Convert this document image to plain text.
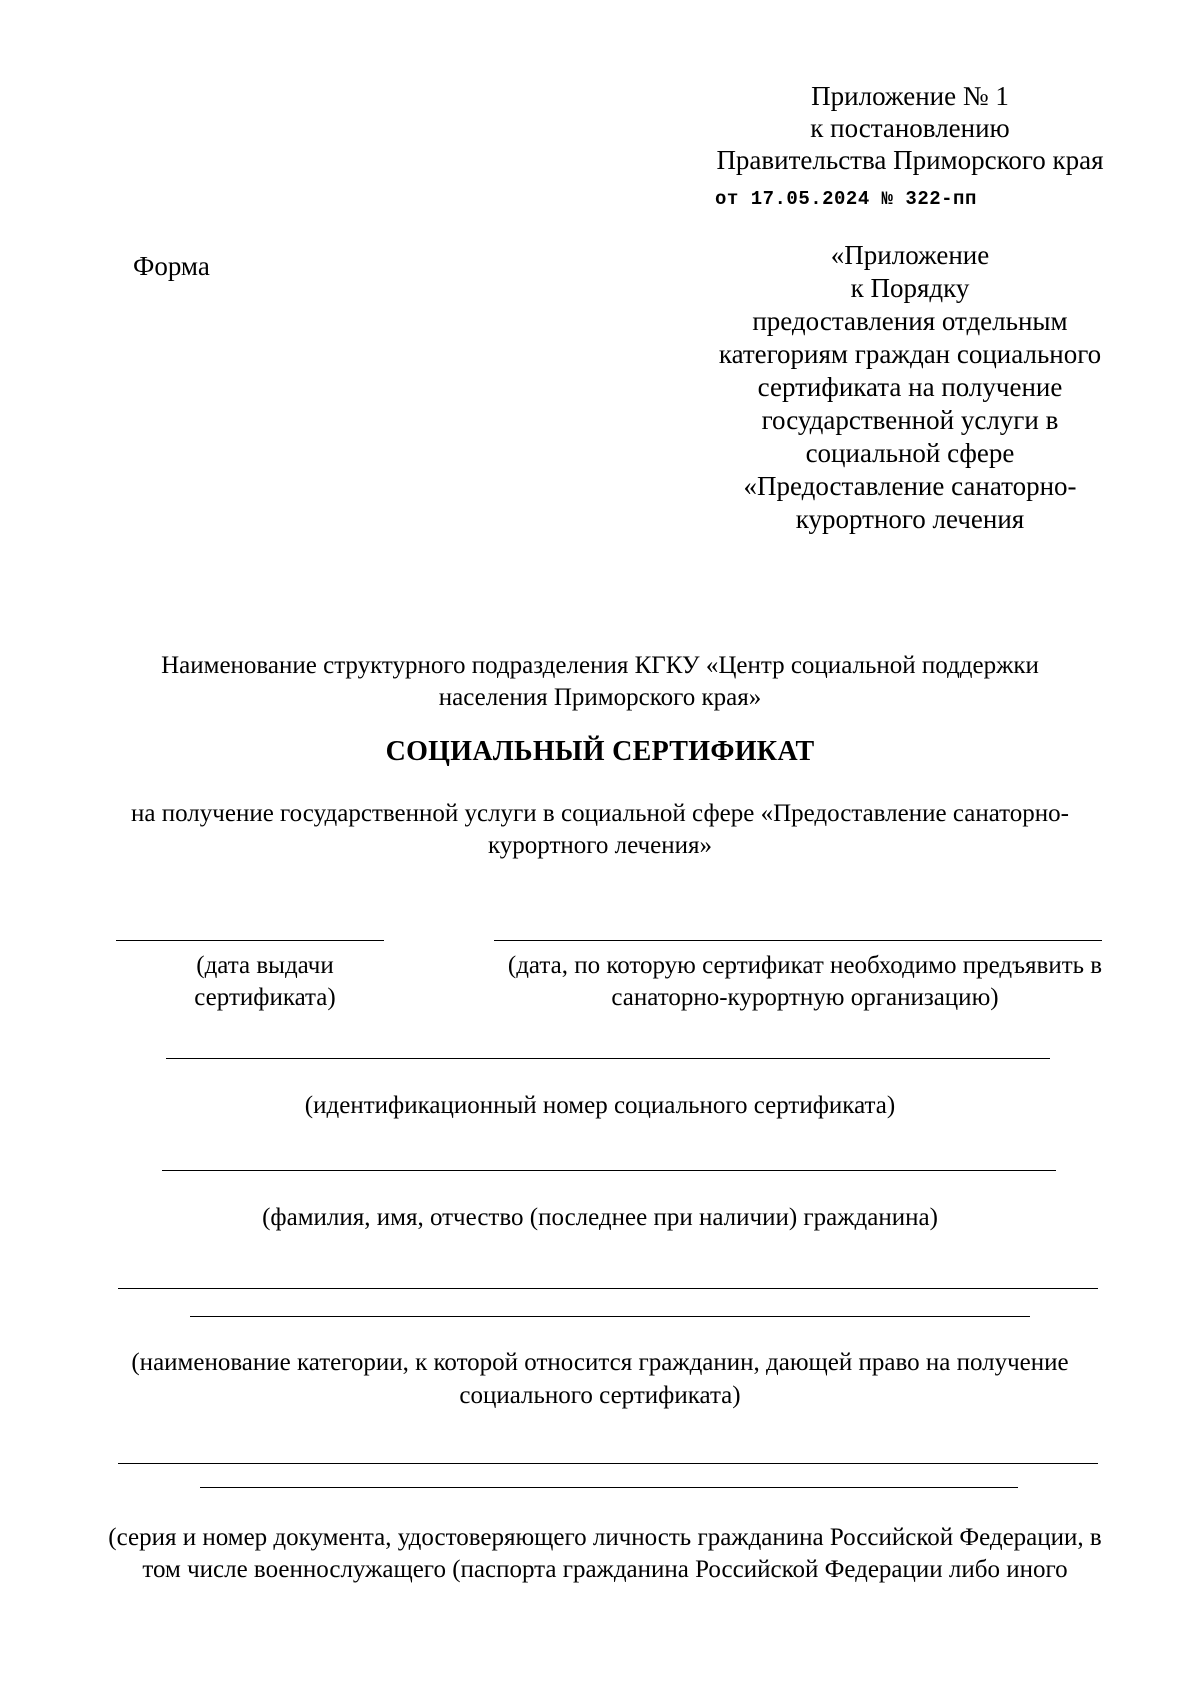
Приложение № 1
к постановлению
Правительства Приморского края
от 17.05.2024 № 322-пп
Форма	«Приложение
к Порядку
предоставления отдельным
категориям граждан социального
сертификата на получение
государственной услуги в
социальной сфере
«Предоставление санаторно-
курортного лечения
Наименование структурного подразделения КГКУ «Центр социальной поддержки
населения Приморского края»
СОЦИАЛЬНЫЙ СЕРТИФИКАТ
на получение государственной услуги в социальной сфере «Предоставление санаторно-
курортного лечения»
(дата выдачи
сертификата)
(дата, по которую сертификат необходимо предъявить в
санаторно-курортную организацию)
(идентификационный номер социального сертификата)
(фамилия, имя, отчество (последнее при наличии) гражданина)
(наименование категории, к которой относится гражданин, дающей право на получение
социального сертификата)
(серия и номер документа, удостоверяющего личность гражданина Российской Федерации, в
том числе военнослужащего (паспорта гражданина Российской Федерации либо иного
